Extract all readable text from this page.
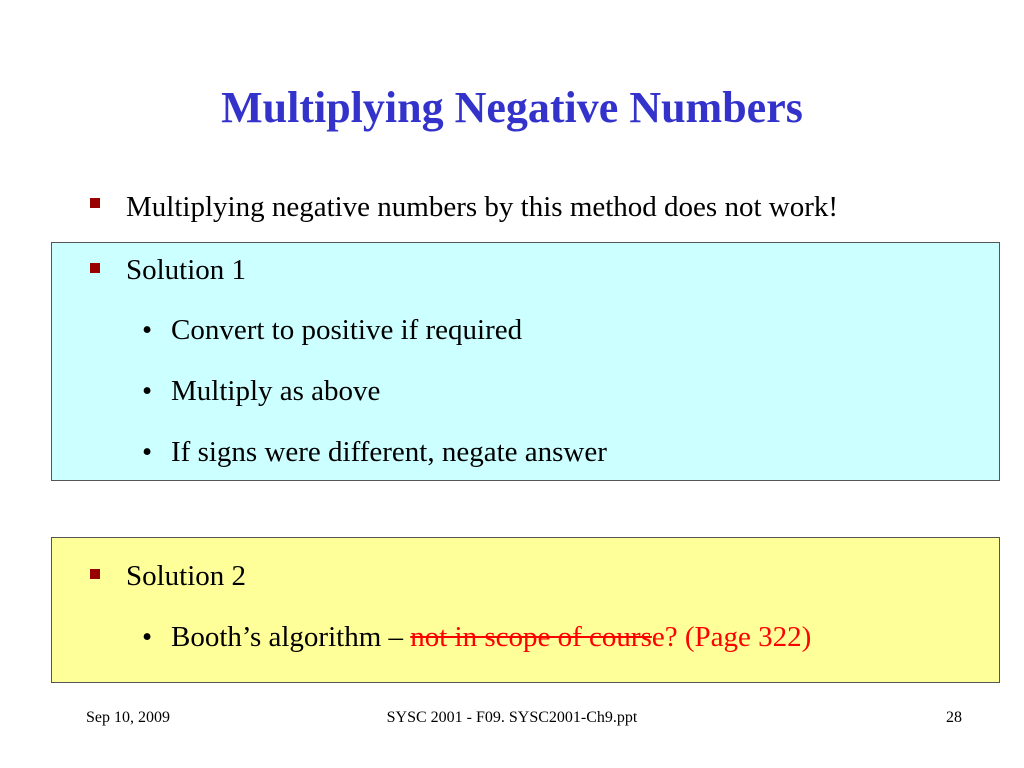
Multiplying Negative Numbers
Multiplying negative numbers by this method does not work!
Solution 1
• Convert to positive if required
• Multiply as above
• If signs were different, negate answer
Solution 2
• Booth’s algorithm – not in scope of course? (Page 322)
Sep 10, 2009	SYSC 2001 - F09. SYSC2001-Ch9.ppt	28
